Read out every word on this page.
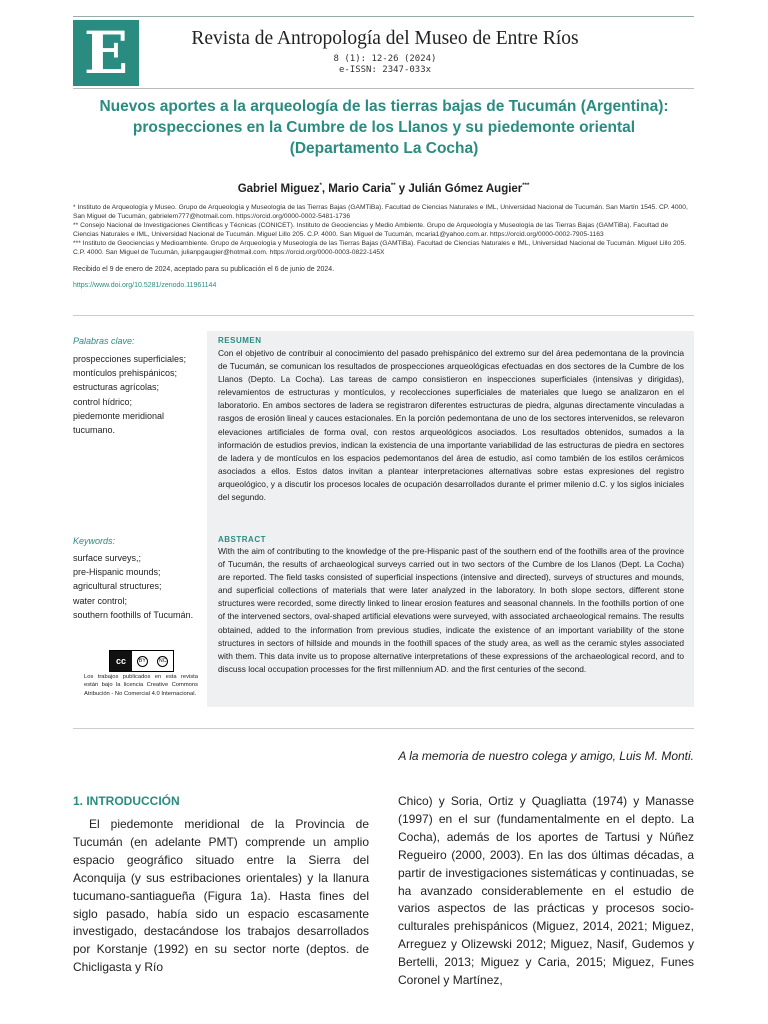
E	Revista de Antropología del Museo de Entre Ríos
8 (1): 12-26 (2024)
e-ISSN: 2347-033x
Nuevos aportes a la arqueología de las tierras bajas de Tucumán (Argentina):
prospecciones en la Cumbre de los Llanos y su piedemonte oriental
(Departamento La Cocha)
Gabriel Miguez*, Mario Caria** y Julián Gómez Augier***
* Instituto de Arqueología y Museo. Grupo de Arqueología y Museología de las Tierras Bajas (GAMTiBa). Facultad de Ciencias Naturales e IML, Universidad Nacional de Tucumán. San Martín 1545. CP. 4000, San Miguel de Tucumán, gabrielem777@hotmail.com. https://orcid.org/0000-0002-5481-1736
** Consejo Nacional de Investigaciones Científicas y Técnicas (CONICET). Instituto de Geociencias y Medio Ambiente. Grupo de Arqueología y Museología de las Tierras Bajas (GAMTiBa). Facultad de Ciencias Naturales e IML, Universidad Nacional de Tucumán. Miguel Lillo 205. C.P. 4000. San Miguel de Tucumán, mcaria1@yahoo.com.ar. https://orcid.org/0000-0002-7905-1163
*** Instituto de Geociencias y Medioambiente. Grupo de Arqueología y Museología de las Tierras Bajas (GAMTiBa). Facultad de Ciencias Naturales e IML, Universidad Nacional de Tucumán. Miguel Lillo 205. C.P. 4000. San Miguel de Tucumán, julianpgaugier@hotmail.com. https://orcid.org/0000-0003-0822-145X
Recibido el 9 de enero de 2024, aceptado para su publicación el 6 de junio de 2024.
https://www.doi.org/10.5281/zenodo.11961144
Palabras clave:
prospecciones superficiales;
montículos prehispánicos;
estructuras agrícolas;
control hídrico;
piedemonte meridional
tucumano.
Keywords:
surface surveys,;
pre-Hispanic mounds;
agricultural structures;
water control;
southern foothills of Tucumán.
RESUMEN
Con el objetivo de contribuir al conocimiento del pasado prehispánico del extremo sur del área pedemontana de la provincia de Tucumán, se comunican los resultados de prospecciones arqueológicas efectuadas en dos sectores de la Cumbre de los Llanos (Depto. La Cocha). Las tareas de campo consistieron en inspecciones superficiales (intensivas y dirigidas), relevamientos de estructuras y montículos, y recolecciones superficiales de materiales que luego se analizaron en el laboratorio. En ambos sectores de ladera se registraron diferentes estructuras de piedra, algunas directamente vinculadas a rasgos de erosión lineal y cauces estacionales. En la porción pedemontana de uno de los sectores intervenidos, se relevaron elevaciones artificiales de forma oval, con restos arqueológicos asociados. Los resultados obtenidos, sumados a la información de estudios previos, indican la existencia de una importante variabilidad de las estructuras de piedra en sectores de ladera y de montículos en los espacios pedemontanos del área de estudio, así como también de los estilos cerámicos asociados a ellos. Estos datos invitan a plantear interpretaciones alternativas sobre estas expresiones del registro arqueológico, y a discutir los procesos locales de ocupación desarrollados durante el primer milenio d.C. y los siglos iniciales del segundo.
ABSTRACT
With the aim of contributing to the knowledge of the pre-Hispanic past of the southern end of the foothills area of the province of Tucumán, the results of archaeological surveys carried out in two sectors of the Cumbre de los Llanos (Dept. La Cocha) are reported. The field tasks consisted of superficial inspections (intensive and directed), surveys of structures and mounds, and superficial collections of materials that were later analyzed in the laboratory. In both slope sectors, different stone structures were recorded, some directly linked to linear erosion features and seasonal channels. In the foothills portion of one of the intervened sectors, oval-shaped artificial elevations were surveyed, with associated archaeological remains. The results obtained, added to the information from previous studies, indicate the existence of an important variability of the stone structures in sectors of hillside and mounds in the foothill spaces of the study area, as well as the ceramic styles associated with them. This data invite us to propose alternative interpretations of these expressions of the archaeological record, and to discuss local occupation processes for the first millennium AD. and the first centuries of the second.
cc	BY	NC
Los trabajos publicados en esta revista están bajo la licencia Creative Commons Atribución - No Comercial 4.0 Internacional.
A la memoria de nuestro colega y amigo, Luis M. Monti.
1. INTRODUCCIÓN
El piedemonte meridional de la Provincia de Tucumán (en adelante PMT) comprende un amplio espacio geográfico situado entre la Sierra del Aconquija (y sus estribaciones orientales) y la llanura tucumano-santiagueña (Figura 1a). Hasta fines del siglo pasado, había sido un espacio escasamente investigado, destacándose los trabajos desarrollados por Korstanje (1992) en su sector norte (deptos. de Chicligasta y Río
Chico) y Soria, Ortiz y Quagliatta (1974) y Manasse (1997) en el sur (fundamentalmente en el depto. La Cocha), además de los aportes de Tartusi y Núñez Regueiro (2000, 2003). En las dos últimas décadas, a partir de investigaciones sistemáticas y continuadas, se ha avanzado considerablemente en el estudio de varios aspectos de las prácticas y procesos socio-culturales prehispánicos (Miguez, 2014, 2021; Miguez, Arreguez y Olizewski 2012; Miguez, Nasif, Gudemos y Bertelli, 2013; Miguez y Caria, 2015; Miguez, Funes Coronel y Martínez,
